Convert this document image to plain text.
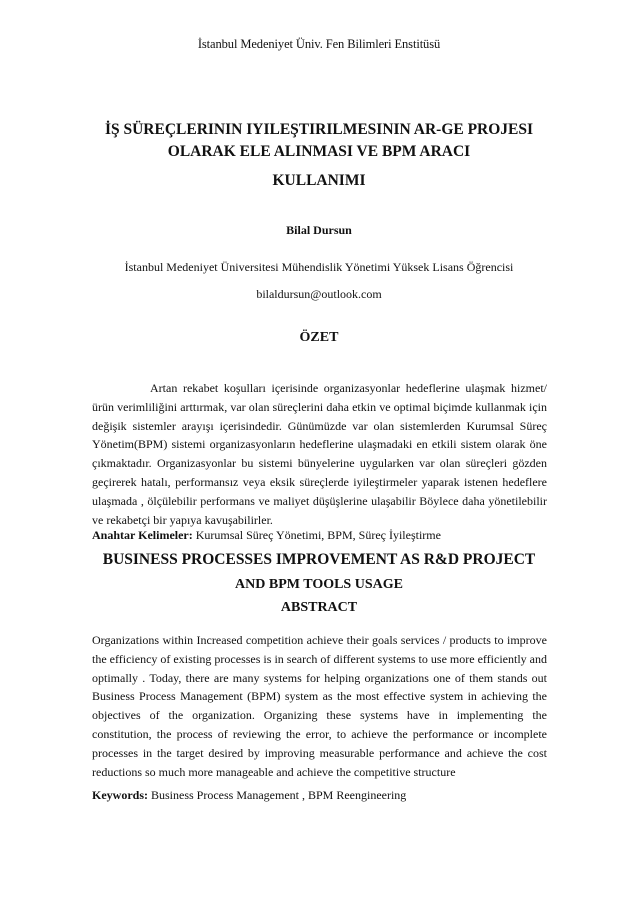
İstanbul Medeniyet Üniv. Fen Bilimleri Enstitüsü
İŞ SÜREÇLERININ IYILEŞTIRILMESININ AR-GE PROJESI OLARAK ELE ALINMASI VE BPM ARACI
KULLANIMI
Bilal Dursun
İstanbul Medeniyet Üniversitesi Mühendislik Yönetimi Yüksek Lisans Öğrencisi
bilaldursun@outlook.com
ÖZET

Artan rekabet koşulları içerisinde organizasyonlar hedeflerine ulaşmak hizmet/ürün verimliliğini arttırmak, var olan süreçlerini daha etkin ve optimal biçimde kullanmak için değişik sistemler arayışı içerisindedir. Günümüzde var olan sistemlerden Kurumsal Süreç Yönetim(BPM) sistemi organizasyonların hedeflerine ulaşmadaki en etkili sistem olarak öne çıkmaktadır. Organizasyonlar bu sistemi bünyelerine uygularken var olan süreçleri gözden geçirerek hatalı, performansız veya eksik süreçlerde iyileştirmeler yaparak istenen hedeflere ulaşmada , ölçülebilir performans ve maliyet düşüşlerine ulaşabilir Böylece daha yönetilebilir ve rekabetçi bir yapıya kavuşabilirler.

Anahtar Kelimeler: Kurumsal Süreç Yönetimi, BPM, Süreç İyileştirme
BUSINESS PROCESSES IMPROVEMENT AS R&D PROJECT
AND BPM TOOLS USAGE
ABSTRACT

Organizations within Increased competition achieve their goals services / products to improve the efficiency of existing processes is in search of different systems to use more efficiently and optimally . Today, there are many systems for helping organizations one of them stands out Business Process Management (BPM) system as the most effective system in achieving the objectives of the organization. Organizing these systems have in implementing the constitution, the process of reviewing the error, to achieve the performance or incomplete processes in the target desired by improving measurable performance and achieve the cost reductions so much more manageable and achieve the competitive structure

Keywords: Business Process Management , BPM Reengineering
